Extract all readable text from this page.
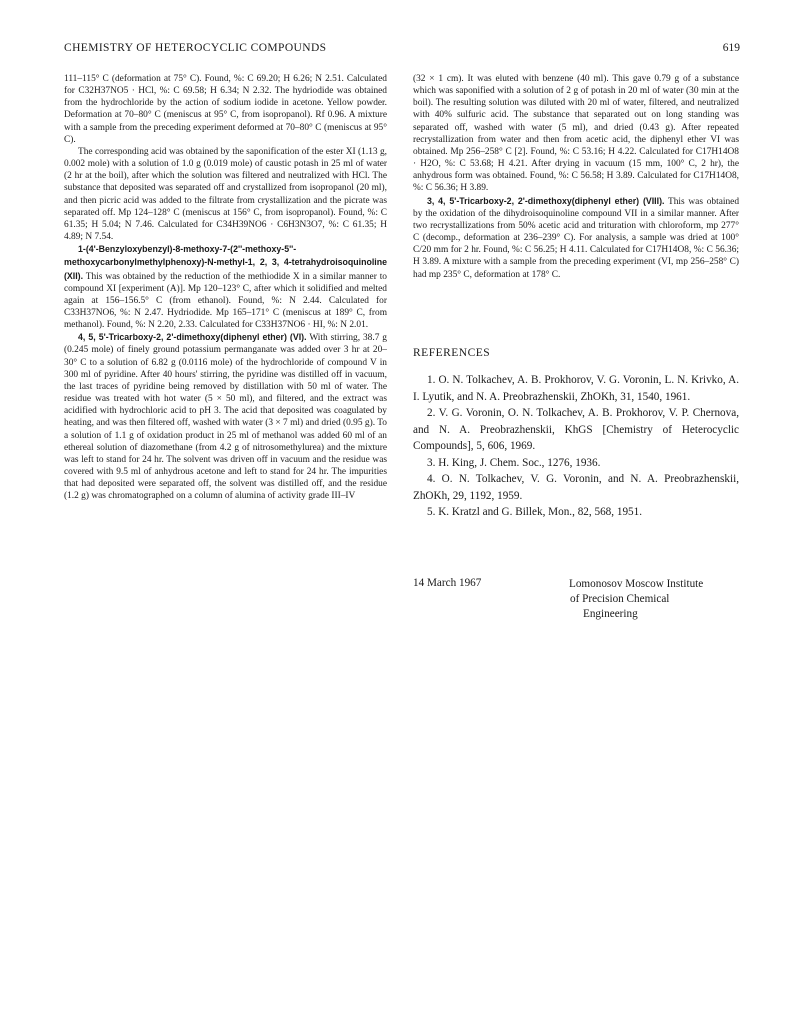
CHEMISTRY OF HETEROCYCLIC COMPOUNDS	619

111–115° C (deformation at 75° C). Found, %: C 69.20; H 6.26; N 2.51. Calculated for C32H37NO5 · HCl, %: C 69.58; H 6.34; N 2.32. The hydriodide was obtained from the hydrochloride by the action of sodium iodide in acetone. Yellow powder. Deformation at 70–80° C (meniscus at 95° C, from isopropanol). Rf 0.96. A mixture with a sample from the preceding experiment deformed at 70–80° C (meniscus at 95° C).

The corresponding acid was obtained by the saponification of the ester XI (1.13 g, 0.002 mole) with a solution of 1.0 g (0.019 mole) of caustic potash in 25 ml of water (2 hr at the boil), after which the solution was filtered and neutralized with HCl. The substance that deposited was separated off and crystallized from isopropanol (20 ml), and then picric acid was added to the filtrate from crystallization and the picrate was separated off. Mp 124–128° C (meniscus at 156° C, from isopropanol). Found, %: C 61.35; H 5.04; N 7.46. Calculated for C34H39NO6 · C6H3N3O7, %: C 61.35; H 4.89; N 7.54.

1-(4'-Benzyloxybenzyl)-8-methoxy-7-(2''-methoxy-5''-methoxycarbonylmethylphenoxy)-N-methyl-1, 2, 3, 4-tetrahydroisoquinoline (XII). This was obtained by the reduction of the methiodide X in a similar manner to compound XI [experiment (A)]. Mp 120–123° C, after which it solidified and melted again at 156–156.5° C (from ethanol). Found, %: N 2.44. Calculated for C33H37NO6, %: N 2.47. Hydriodide. Mp 165–171° C (meniscus at 189° C, from methanol). Found, %: N 2.20, 2.33. Calculated for C33H37NO6 · HI, %: N 2.01.

4, 5, 5'-Tricarboxy-2, 2'-dimethoxy(diphenyl ether) (VI). With stirring, 38.7 g (0.245 mole) of finely ground potassium permanganate was added over 3 hr at 20–30° C to a solution of 6.82 g (0.0116 mole) of the hydrochloride of compound V in 300 ml of pyridine. After 40 hours' stirring, the pyridine was distilled off in vacuum, the last traces of pyridine being removed by distillation with 50 ml of water. The residue was treated with hot water (5 × 50 ml), and filtered, and the extract was acidified with hydrochloric acid to pH 3. The acid that deposited was coagulated by heating, and was then filtered off, washed with water (3 × 7 ml) and dried (0.95 g). To a solution of 1.1 g of oxidation product in 25 ml of methanol was added 60 ml of an ethereal solution of diazomethane (from 4.2 g of nitrosomethylurea) and the mixture was left to stand for 24 hr. The solvent was driven off in vacuum and the residue was covered with 9.5 ml of anhydrous acetone and left to stand for 24 hr. The impurities that had deposited were separated off, the solvent was distilled off, and the residue (1.2 g) was chromatographed on a column of alumina of activity grade III–IV

(32 × 1 cm). It was eluted with benzene (40 ml). This gave 0.79 g of a substance which was saponified with a solution of 2 g of potash in 20 ml of water (30 min at the boil). The resulting solution was diluted with 20 ml of water, filtered, and neutralized with 40% sulfuric acid. The substance that separated out on long standing was separated off, washed with water (5 ml), and dried (0.43 g). After repeated recrystallization from water and then from acetic acid, the diphenyl ether VI was obtained. Mp 256–258° C [2]. Found, %: C 53.16; H 4.22. Calculated for C17H14O8 · H2O, %: C 53.68; H 4.21. After drying in vacuum (15 mm, 100° C, 2 hr), the anhydrous form was obtained. Found, %: C 56.58; H 3.89. Calculated for C17H14O8, %: C 56.36; H 3.89.

3, 4, 5'-Tricarboxy-2, 2'-dimethoxy(diphenyl ether) (VIII). This was obtained by the oxidation of the dihydroisoquinoline compound VII in a similar manner. After two recrystallizations from 50% acetic acid and trituration with chloroform, mp 277° C (decomp., deformation at 236–239° C). For analysis, a sample was dried at 100° C/20 mm for 2 hr. Found, %: C 56.25; H 4.11. Calculated for C17H14O8, %: C 56.36; H 3.89. A mixture with a sample from the preceding experiment (VI, mp 256–258° C) had mp 235° C, deformation at 178° C.

REFERENCES

1. O. N. Tolkachev, A. B. Prokhorov, V. G. Voronin, L. N. Krivko, A. I. Lyutik, and N. A. Preobrazhenskii, ZhOKh, 31, 1540, 1961.

2. V. G. Voronin, O. N. Tolkachev, A. B. Prokhorov, V. P. Chernova, and N. A. Preobrazhenskii, KhGS [Chemistry of Heterocyclic Compounds], 5, 606, 1969.

3. H. King, J. Chem. Soc., 1276, 1936.

4. O. N. Tolkachev, V. G. Voronin, and N. A. Preobrazhenskii, ZhOKh, 29, 1192, 1959.

5. K. Kratzl and G. Billek, Mon., 82, 568, 1951.

14 March 1967	Lomonosov Moscow Institute
of Precision Chemical
Engineering
